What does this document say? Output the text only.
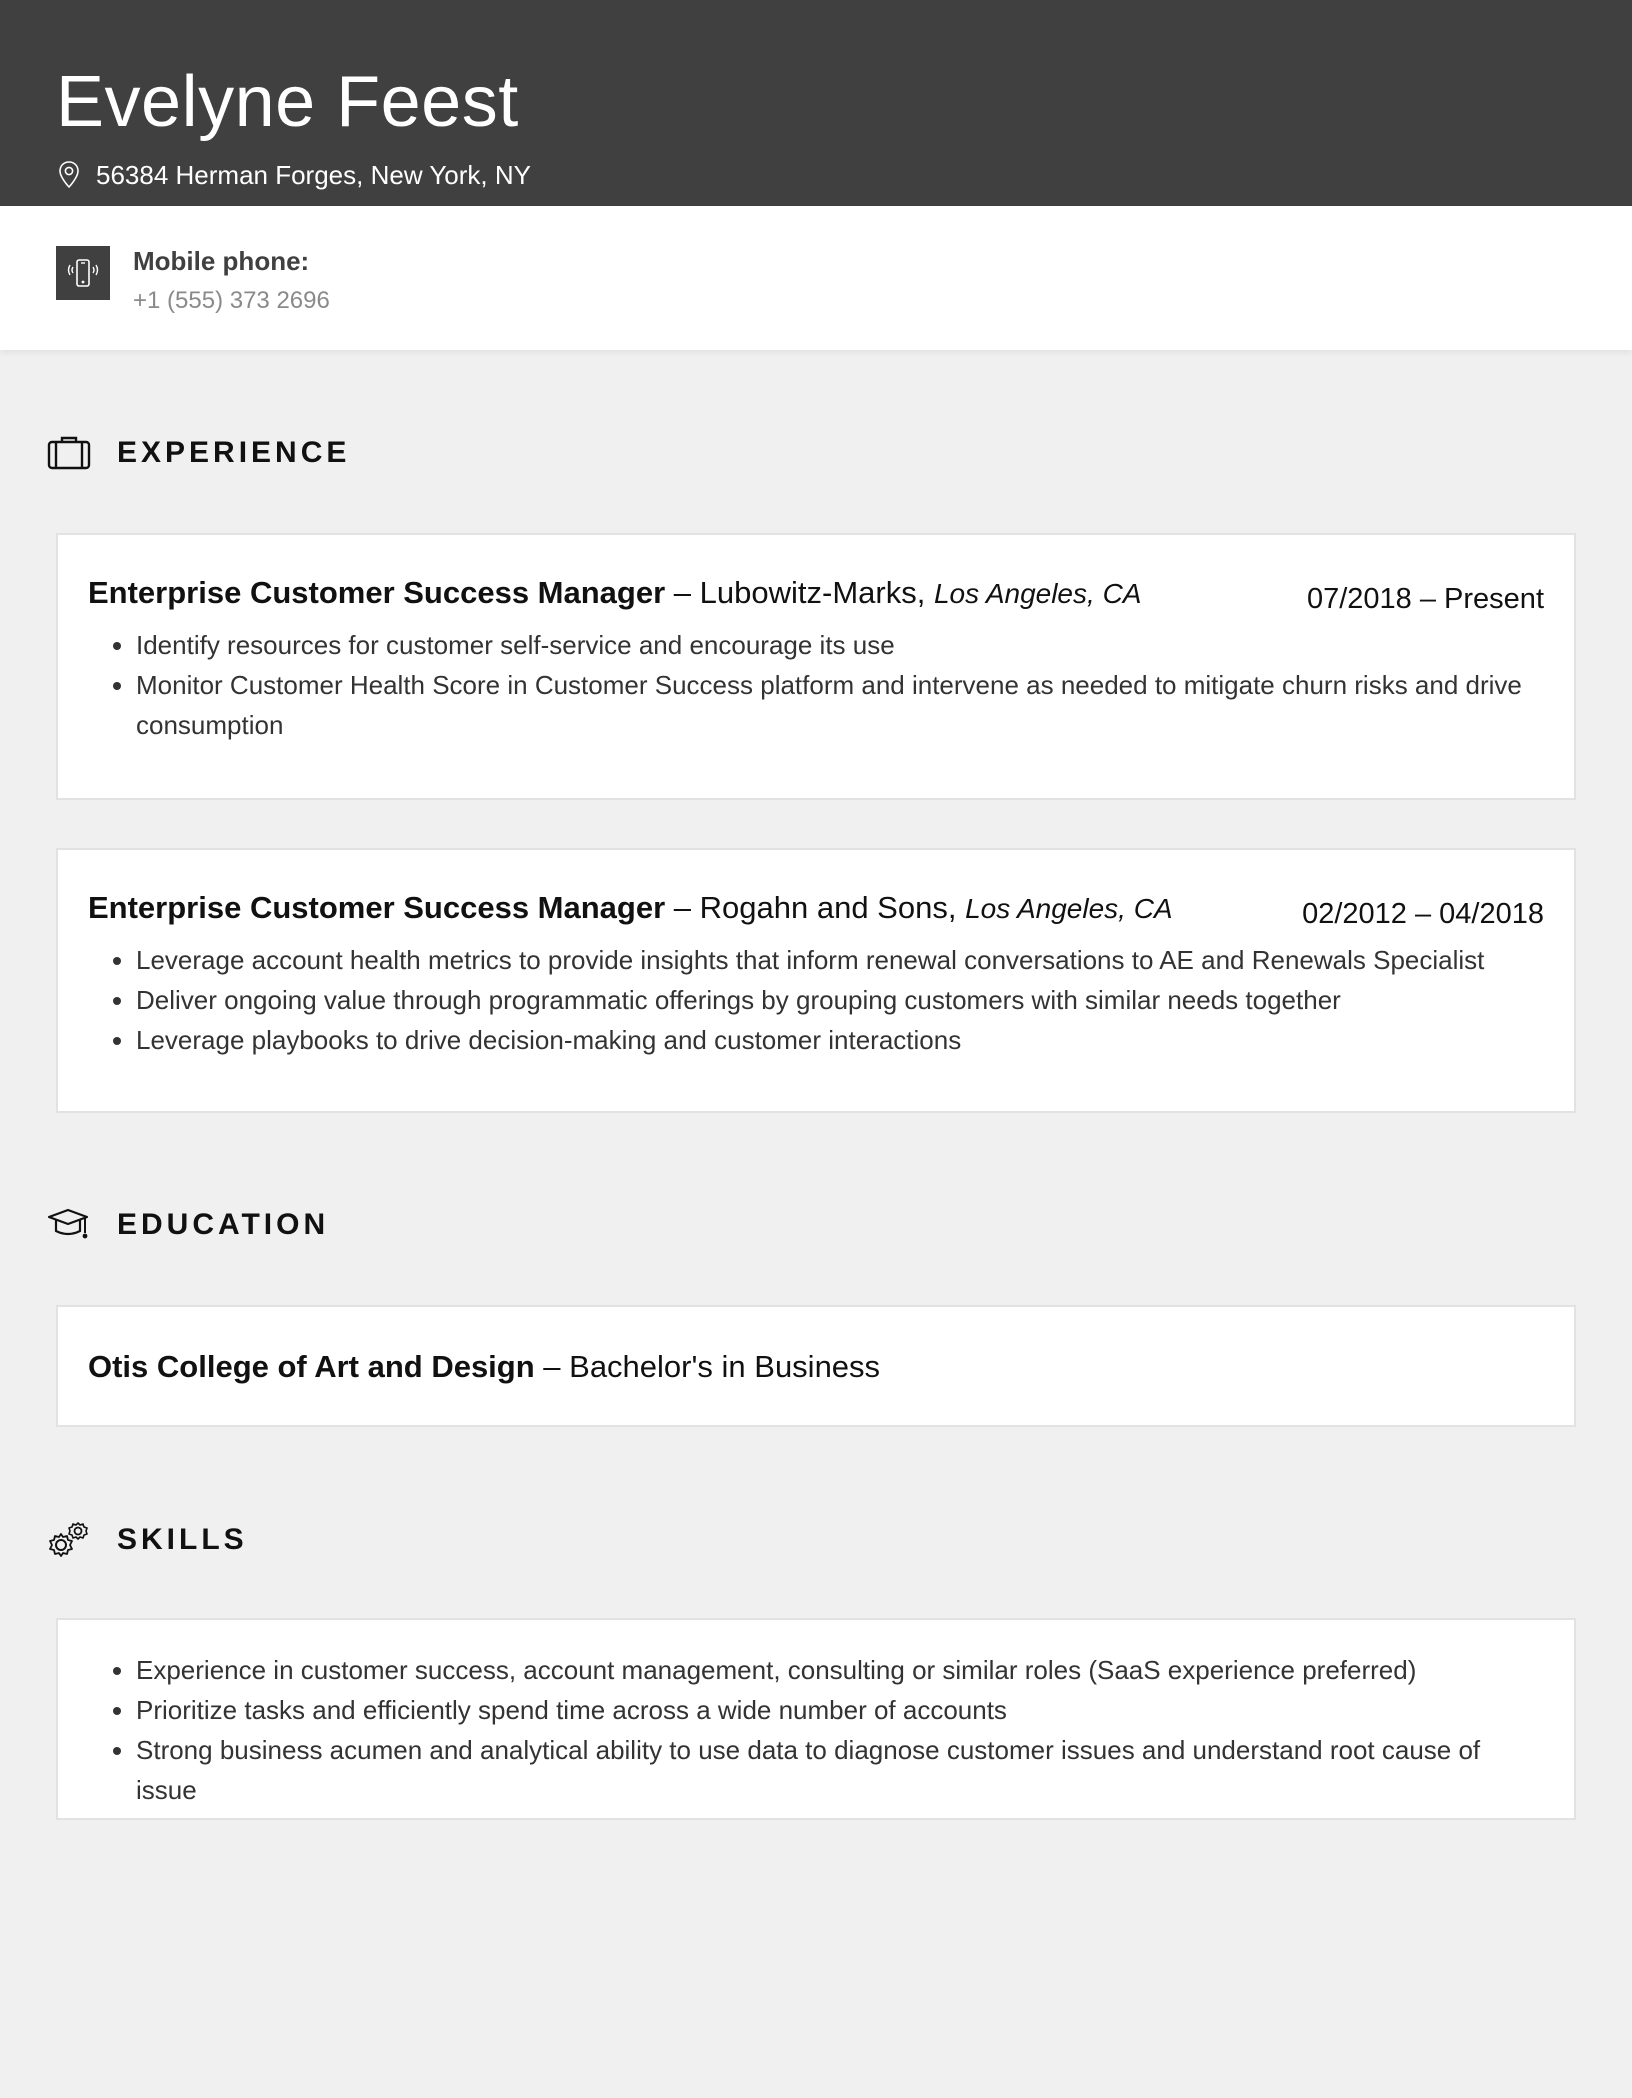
Evelyne Feest
56384 Herman Forges, New York, NY
Mobile phone:
+1 (555) 373 2696
EXPERIENCE
Enterprise Customer Success Manager – Lubowitz-Marks, Los Angeles, CA	07/2018 – Present
• Identify resources for customer self-service and encourage its use
• Monitor Customer Health Score in Customer Success platform and intervene as needed to mitigate churn risks and drive consumption
Enterprise Customer Success Manager – Rogahn and Sons, Los Angeles, CA	02/2012 – 04/2018
• Leverage account health metrics to provide insights that inform renewal conversations to AE and Renewals Specialist
• Deliver ongoing value through programmatic offerings by grouping customers with similar needs together
• Leverage playbooks to drive decision-making and customer interactions
EDUCATION
Otis College of Art and Design – Bachelor's in Business
SKILLS
• Experience in customer success, account management, consulting or similar roles (SaaS experience preferred)
• Prioritize tasks and efficiently spend time across a wide number of accounts
• Strong business acumen and analytical ability to use data to diagnose customer issues and understand root cause of issue
